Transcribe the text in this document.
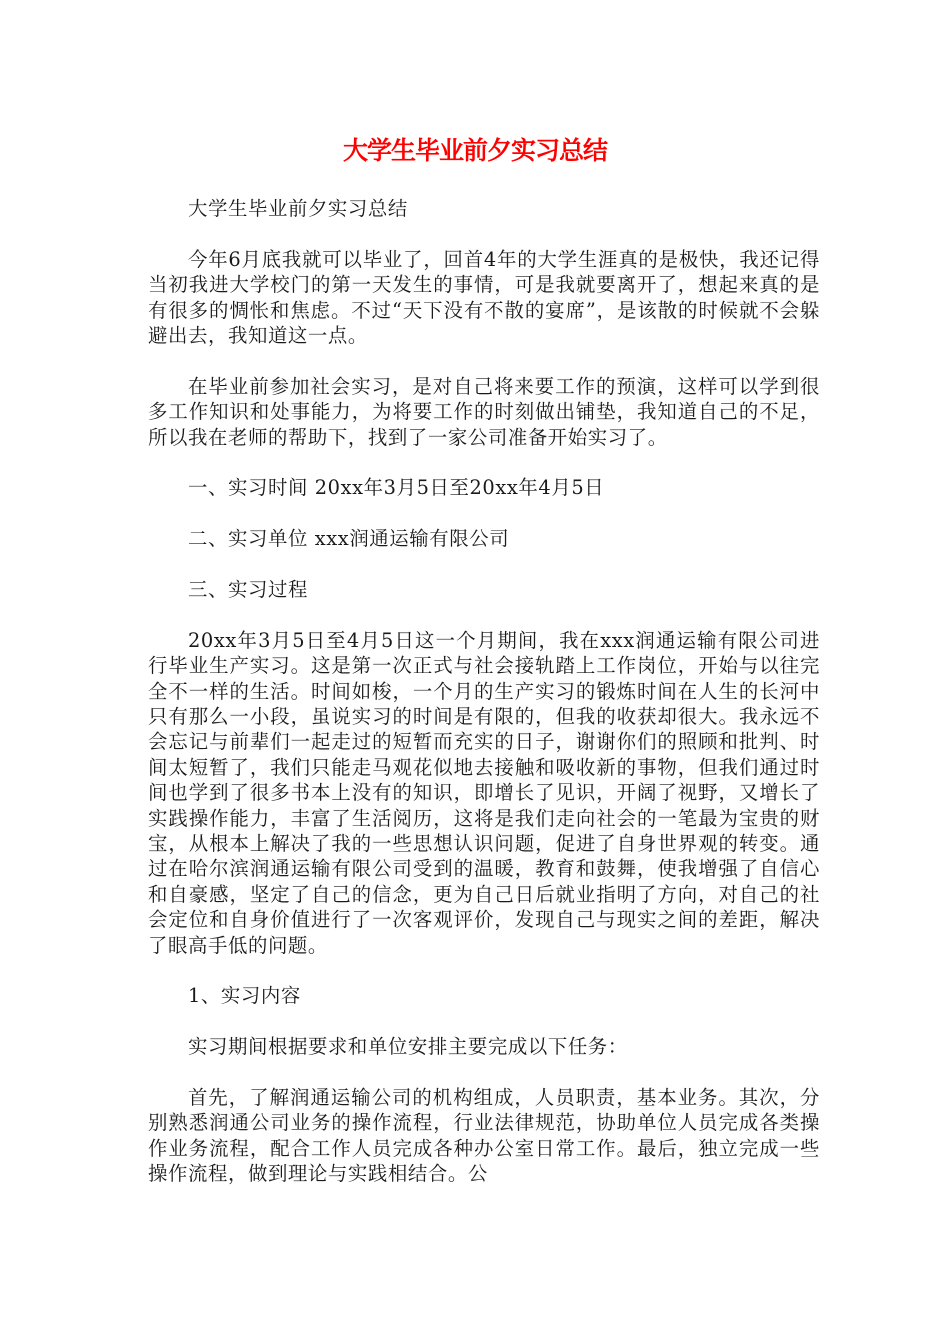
大学生毕业前夕实习总结

大学生毕业前夕实习总结

今年6月底我就可以毕业了，回首4年的大学生涯真的是极快，我还记得当初我进大学校门的第一天发生的事情，可是我就要离开了，想起来真的是有很多的惆怅和焦虑。不过“天下没有不散的宴席”，是该散的时候就不会躲避出去，我知道这一点。

在毕业前参加社会实习，是对自己将来要工作的预演，这样可以学到很多工作知识和处事能力，为将要工作的时刻做出铺垫，我知道自己的不足，所以我在老师的帮助下，找到了一家公司准备开始实习了。

一、实习时间 20xx年3月5日至20xx年4月5日

二、实习单位 xxx润通运输有限公司

三、实习过程

20xx年3月5日至4月5日这一个月期间，我在xxx润通运输有限公司进行毕业生产实习。这是第一次正式与社会接轨踏上工作岗位，开始与以往完全不一样的生活。时间如梭，一个月的生产实习的锻炼时间在人生的长河中只有那么一小段，虽说实习的时间是有限的，但我的收获却很大。我永远不会忘记与前辈们一起走过的短暂而充实的日子，谢谢你们的照顾和批判、时间太短暂了，我们只能走马观花似地去接触和吸收新的事物，但我们通过时间也学到了很多书本上没有的知识，即增长了见识，开阔了视野，又增长了实践操作能力，丰富了生活阅历，这将是我们走向社会的一笔最为宝贵的财宝，从根本上解决了我的一些思想认识问题，促进了自身世界观的转变。通过在哈尔滨润通运输有限公司受到的温暖，教育和鼓舞，使我增强了自信心和自豪感，坚定了自己的信念，更为自己日后就业指明了方向，对自己的社会定位和自身价值进行了一次客观评价，发现自己与现实之间的差距，解决了眼高手低的问题。

1、实习内容

实习期间根据要求和单位安排主要完成以下任务：

首先，了解润通运输公司的机构组成，人员职责，基本业务。其次，分别熟悉润通公司业务的操作流程，行业法律规范，协助单位人员完成各类操作业务流程，配合工作人员完成各种办公室日常工作。最后，独立完成一些操作流程，做到理论与实践相结合。公
